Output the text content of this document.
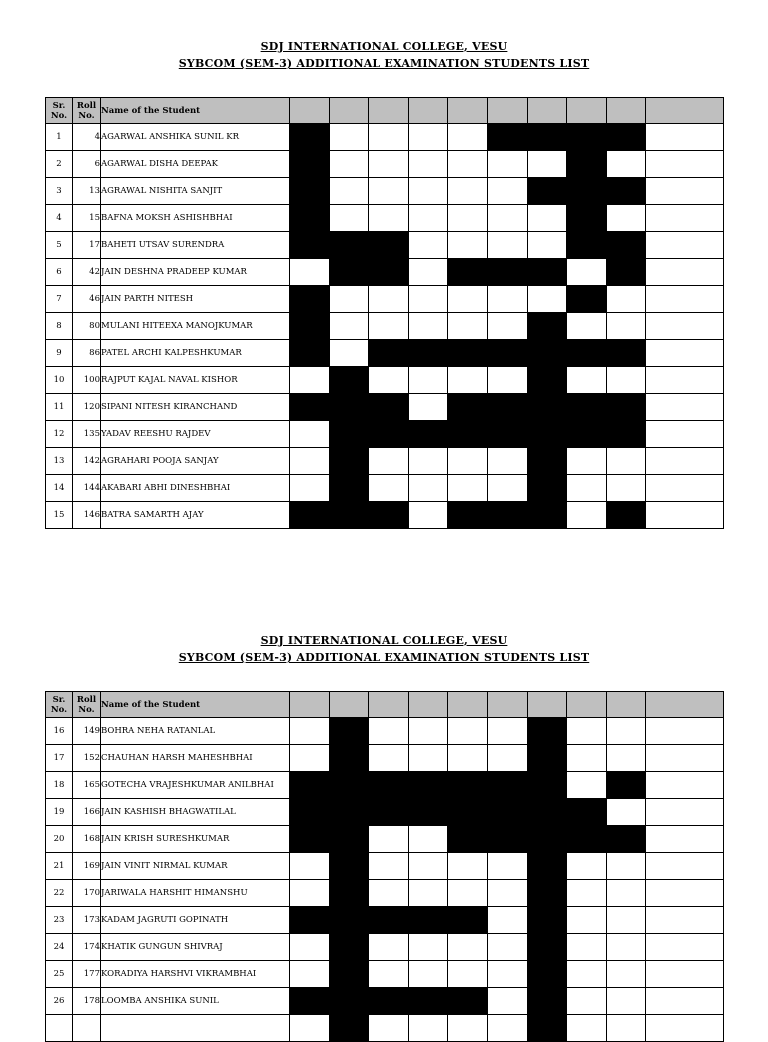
SDJ INTERNATIONAL COLLEGE, VESU
SYBCOM (SEM-3) ADDITIONAL EXAMINATION STUDENTS LIST
Sr. No.	Roll No.	Name of the Student										
1	4	AGARWAL ANSHIKA SUNIL KR										
2	6	AGARWAL DISHA DEEPAK										
3	13	AGRAWAL NISHITA SANJIT										
4	15	BAFNA MOKSH ASHISHBHAI										
5	17	BAHETI UTSAV SURENDRA										
6	42	JAIN DESHNA PRADEEP KUMAR										
7	46	JAIN PARTH NITESH										
8	80	MULANI HITEEXA MANOJKUMAR										
9	86	PATEL ARCHI KALPESHKUMAR										
10	100	RAJPUT KAJAL NAVAL KISHOR										
11	120	SIPANI NITESH KIRANCHAND										
12	135	YADAV REESHU RAJDEV										
13	142	AGRAHARI POOJA SANJAY										
14	144	AKABARI ABHI DINESHBHAI										
15	146	BATRA SAMARTH AJAY										
SDJ INTERNATIONAL COLLEGE, VESU
SYBCOM (SEM-3) ADDITIONAL EXAMINATION STUDENTS LIST
Sr. No.	Roll No.	Name of the Student										
16	149	BOHRA NEHA RATANLAL										
17	152	CHAUHAN HARSH MAHESHBHAI										
18	165	GOTECHA VRAJESHKUMAR ANILBHAI										
19	166	JAIN KASHISH BHAGWATILAL										
20	168	JAIN KRISH SURESHKUMAR										
21	169	JAIN VINIT NIRMAL KUMAR										
22	170	JARIWALA HARSHIT HIMANSHU										
23	173	KADAM JAGRUTI GOPINATH										
24	174	KHATIK GUNGUN SHIVRAJ										
25	177	KORADIYA HARSHVI VIKRAMBHAI										
26	178	LOOMBA ANSHIKA SUNIL										
